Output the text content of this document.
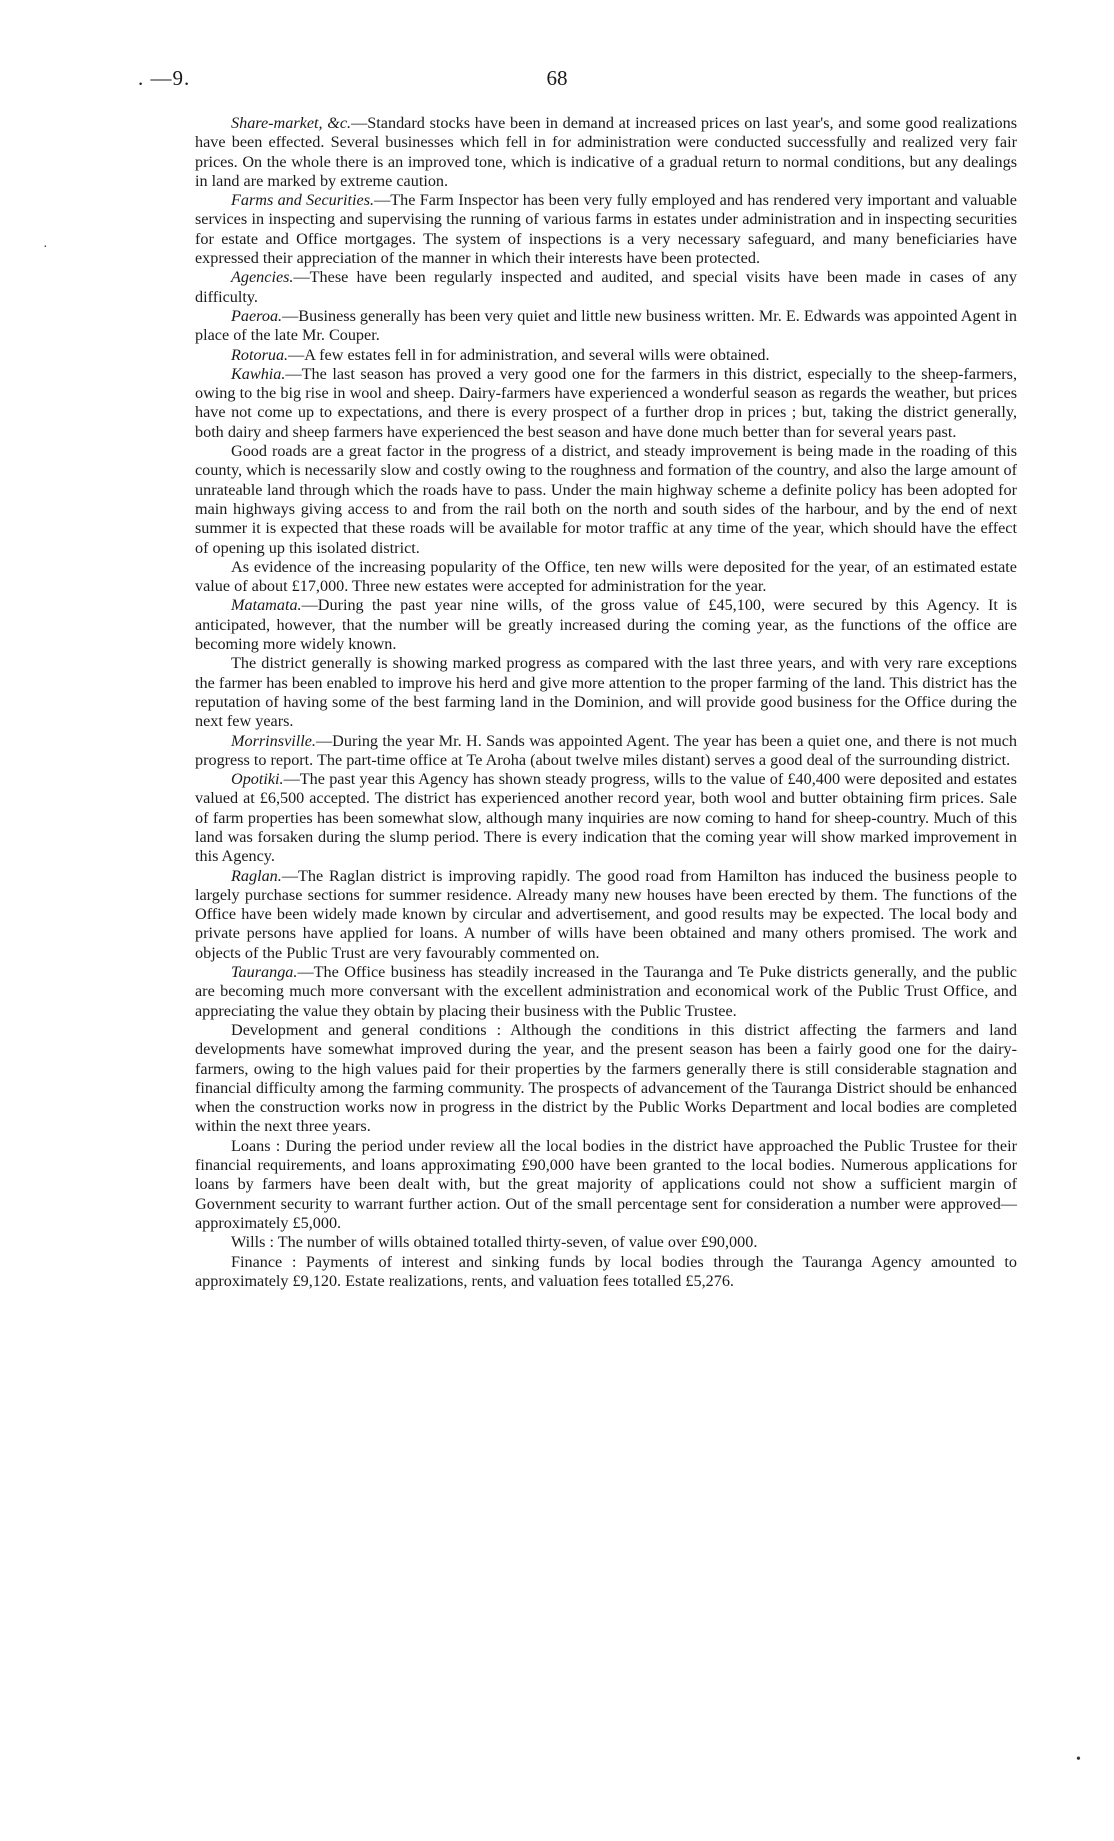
. —9.	68
·
•

Share-market, &c.—Standard stocks have been in demand at increased prices on last year's, and some good realizations have been effected. Several businesses which fell in for administration were conducted successfully and realized very fair prices. On the whole there is an improved tone, which is indicative of a gradual return to normal conditions, but any dealings in land are marked by extreme caution.

Farms and Securities.—The Farm Inspector has been very fully employed and has rendered very important and valuable services in inspecting and supervising the running of various farms in estates under administration and in inspecting securities for estate and Office mortgages. The system of inspections is a very necessary safeguard, and many beneficiaries have expressed their appreciation of the manner in which their interests have been protected.

Agencies.—These have been regularly inspected and audited, and special visits have been made in cases of any difficulty.

Paeroa.—Business generally has been very quiet and little new business written. Mr. E. Edwards was appointed Agent in place of the late Mr. Couper.

Rotorua.—A few estates fell in for administration, and several wills were obtained.

Kawhia.—The last season has proved a very good one for the farmers in this district, especially to the sheep-farmers, owing to the big rise in wool and sheep. Dairy-farmers have experienced a wonderful season as regards the weather, but prices have not come up to expectations, and there is every prospect of a further drop in prices ; but, taking the district generally, both dairy and sheep farmers have experienced the best season and have done much better than for several years past.

Good roads are a great factor in the progress of a district, and steady improvement is being made in the roading of this county, which is necessarily slow and costly owing to the roughness and formation of the country, and also the large amount of unrateable land through which the roads have to pass. Under the main highway scheme a definite policy has been adopted for main highways giving access to and from the rail both on the north and south sides of the harbour, and by the end of next summer it is expected that these roads will be available for motor traffic at any time of the year, which should have the effect of opening up this isolated district.

As evidence of the increasing popularity of the Office, ten new wills were deposited for the year, of an estimated estate value of about £17,000. Three new estates were accepted for administration for the year.

Matamata.—During the past year nine wills, of the gross value of £45,100, were secured by this Agency. It is anticipated, however, that the number will be greatly increased during the coming year, as the functions of the office are becoming more widely known.

The district generally is showing marked progress as compared with the last three years, and with very rare exceptions the farmer has been enabled to improve his herd and give more attention to the proper farming of the land. This district has the reputation of having some of the best farming land in the Dominion, and will provide good business for the Office during the next few years.

Morrinsville.—During the year Mr. H. Sands was appointed Agent. The year has been a quiet one, and there is not much progress to report. The part-time office at Te Aroha (about twelve miles distant) serves a good deal of the surrounding district.

Opotiki.—The past year this Agency has shown steady progress, wills to the value of £40,400 were deposited and estates valued at £6,500 accepted. The district has experienced another record year, both wool and butter obtaining firm prices. Sale of farm properties has been somewhat slow, although many inquiries are now coming to hand for sheep-country. Much of this land was forsaken during the slump period. There is every indication that the coming year will show marked improvement in this Agency.

Raglan.—The Raglan district is improving rapidly. The good road from Hamilton has induced the business people to largely purchase sections for summer residence. Already many new houses have been erected by them. The functions of the Office have been widely made known by circular and advertisement, and good results may be expected. The local body and private persons have applied for loans. A number of wills have been obtained and many others promised. The work and objects of the Public Trust are very favourably commented on.

Tauranga.—The Office business has steadily increased in the Tauranga and Te Puke districts generally, and the public are becoming much more conversant with the excellent administration and economical work of the Public Trust Office, and appreciating the value they obtain by placing their business with the Public Trustee.

Development and general conditions : Although the conditions in this district affecting the farmers and land developments have somewhat improved during the year, and the present season has been a fairly good one for the dairy-farmers, owing to the high values paid for their properties by the farmers generally there is still considerable stagnation and financial difficulty among the farming community. The prospects of advancement of the Tauranga District should be enhanced when the construction works now in progress in the district by the Public Works Department and local bodies are completed within the next three years.

Loans : During the period under review all the local bodies in the district have approached the Public Trustee for their financial requirements, and loans approximating £90,000 have been granted to the local bodies. Numerous applications for loans by farmers have been dealt with, but the great majority of applications could not show a sufficient margin of Government security to warrant further action. Out of the small percentage sent for consideration a number were approved—approximately £5,000.

Wills : The number of wills obtained totalled thirty-seven, of value over £90,000.

Finance : Payments of interest and sinking funds by local bodies through the Tauranga Agency amounted to approximately £9,120. Estate realizations, rents, and valuation fees totalled £5,276.
